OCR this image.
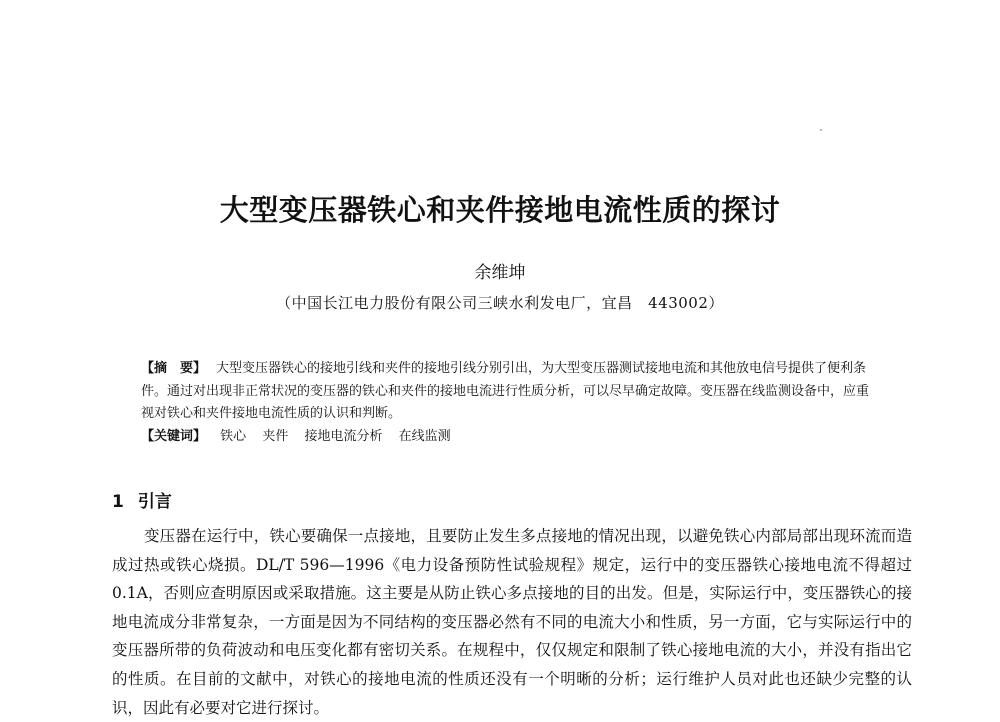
大型变压器铁心和夹件接地电流性质的探讨
余维坤
（中国长江电力股份有限公司三峡水利发电厂，宜昌　443002）

【摘　要】 大型变压器铁心的接地引线和夹件的接地引线分别引出，为大型变压器测试接地电流和其他放电信号提供了便利条件。通过对出现非正常状况的变压器的铁心和夹件的接地电流进行性质分析，可以尽早确定故障。变压器在线监测设备中，应重视对铁心和夹件接地电流性质的认识和判断。

【关键词】 铁心 夹件 接地电流分析 在线监测

1 引言

变压器在运行中，铁心要确保一点接地，且要防止发生多点接地的情况出现，以避免铁心内部局部出现环流而造成过热或铁心烧损。DL/T 596—1996《电力设备预防性试验规程》规定，运行中的变压器铁心接地电流不得超过 0.1A，否则应查明原因或采取措施。这主要是从防止铁心多点接地的目的出发。但是，实际运行中，变压器铁心的接地电流成分非常复杂，一方面是因为不同结构的变压器必然有不同的电流大小和性质，另一方面，它与实际运行中的变压器所带的负荷波动和电压变化都有密切关系。在规程中，仅仅规定和限制了铁心接地电流的大小，并没有指出它的性质。在目前的文献中，对铁心的接地电流的性质还没有一个明晰的分析；运行维护人员对此也还缺少完整的认识，因此有必要对它进行探讨。
